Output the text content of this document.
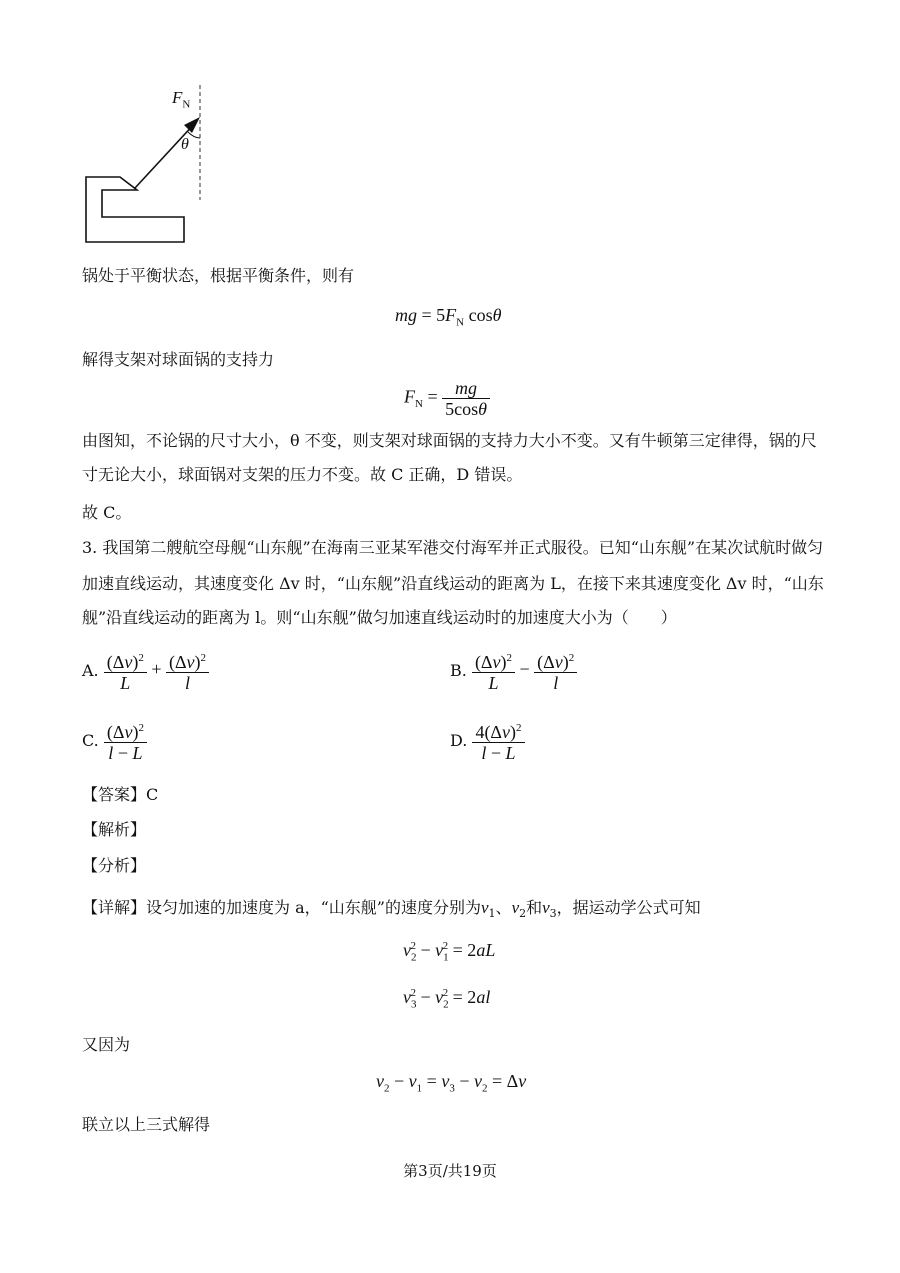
$F_N$
θ
锅处于平衡状态，根据平衡条件，则有
mg = $5F_N$ cosθ
解得支架对球面锅的支持力
$F_N = \frac{mg}{5\cos\theta}$
由图知，不论锅的尺寸大小，θ 不变，则支架对球面锅的支持力大小不变。又有牛顿第三定律得，锅的尺
寸无论大小，球面锅对支架的压力不变。故 C 正确，D 错误。
故 C。
3. 我国第二艘航空母舰“山东舰”在海南三亚某军港交付海军并正式服役。已知“山东舰”在某次试航时做匀
加速直线运动，其速度变化 Δv 时，“山东舰”沿直线运动的距离为 L，在接下来其速度变化 Δv 时，“山东
舰”沿直线运动的距离为 l。则“山东舰”做匀加速直线运动时的加速度大小为（　　）
A. $\frac{(\Delta v)^2}{L} + \frac{(\Delta v)^2}{l}$	B. $\frac{(\Delta v)^2}{L} - \frac{(\Delta v)^2}{l}$
C. $\frac{(\Delta v)^2}{l - L}$	D. $\frac{4(\Delta v)^2}{l - L}$
【答案】C
【解析】
【分析】
【详解】设匀加速的加速度为 a，“山东舰”的速度分别为$v_1$、$v_2$和$v_3$，据运动学公式可知
$v_2^2 - v_1^2 = 2aL$
$v_3^2 - v_2^2 = 2al$
又因为
$v_2 - v_1 = v_3 - v_2 = \Delta v$
联立以上三式解得
第3页/共19页
